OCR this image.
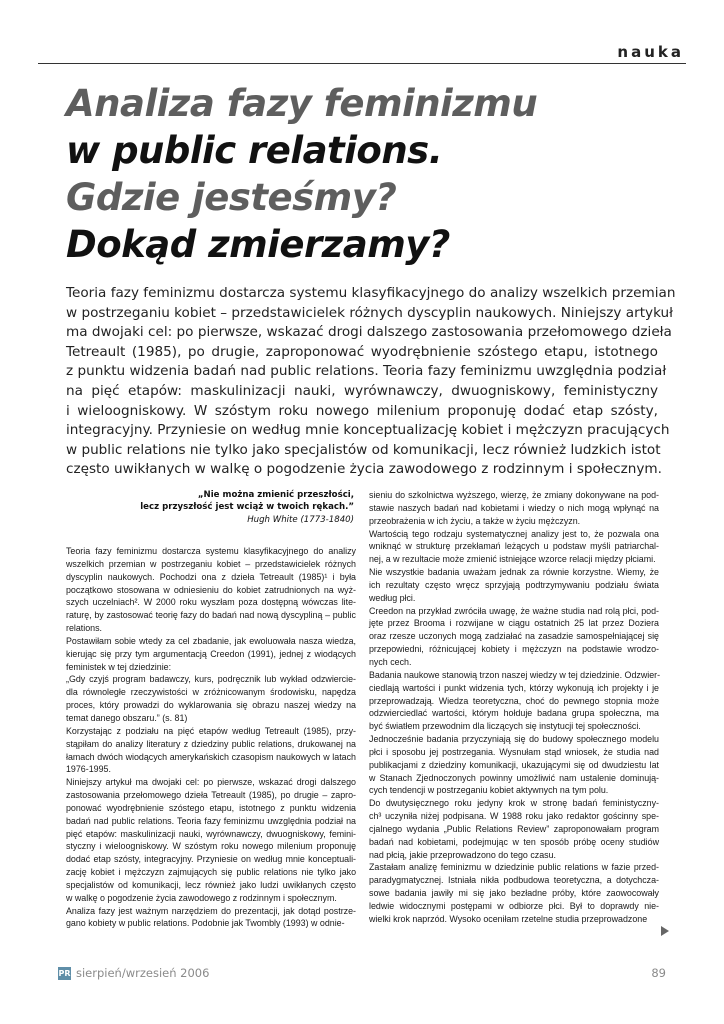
nauka
Analiza fazy feminizmu
w public relations.
Gdzie jesteśmy?
Dokąd zmierzamy?
Teoria fazy feminizmu dostarcza systemu klasyfikacyjnego do analizy wszelkich przemian
w postrzeganiu kobiet – przedstawicielek różnych dyscyplin naukowych. Niniejszy artykuł
ma dwojaki cel: po pierwsze, wskazać drogi dalszego zastosowania przełomowego dzieła
Tetreault (1985), po drugie, zaproponować wyodrębnienie szóstego etapu, istotnego
z punktu widzenia badań nad public relations. Teoria fazy feminizmu uwzględnia podział
na pięć etapów: maskulinizacji nauki, wyrównawczy, dwuogniskowy, feministyczny
i wieloogniskowy. W szóstym roku nowego milenium proponuję dodać etap szósty,
integracyjny. Przyniesie on według mnie konceptualizację kobiet i mężczyzn pracujących
w public relations nie tylko jako specjalistów od komunikacji, lecz również ludzkich istot
często uwikłanych w walkę o pogodzenie życia zawodowego z rodzinnym i społecznym.
„Nie można zmienić przeszłości,
lecz przyszłość jest wciąż w twoich rękach.”
Hugh White (1773-1840)
Teoria fazy feminizmu dostarcza systemu klasyfikacyjnego do analizy
wszelkich przemian w postrzeganiu kobiet – przedstawicielek różnych
dyscyplin naukowych. Pochodzi ona z dzieła Tetreault (1985)¹ i była
początkowo stosowana w odniesieniu do kobiet zatrudnionych na wyż-
szych uczelniach². W 2000 roku wyszłam poza dostępną wówczas lite-
raturę, by zastosować teorię fazy do badań nad nową dyscypliną – public
relations.
Postawiłam sobie wtedy za cel zbadanie, jak ewoluowała nasza wiedza,
kierując się przy tym argumentacją Creedon (1991), jednej z wiodących
feministek w tej dziedzinie:
„Gdy czyjś program badawczy, kurs, podręcznik lub wykład odzwiercie-
dla równoległe rzeczywistości w zróżnicowanym środowisku, napędza
proces, który prowadzi do wyklarowania się obrazu naszej wiedzy na
temat danego obszaru.” (s. 81)
Korzystając z podziału na pięć etapów według Tetreault (1985), przy-
stąpiłam do analizy literatury z dziedziny public relations, drukowanej na
łamach dwóch wiodących amerykańskich czasopism naukowych w latach
1976-1995.
Niniejszy artykuł ma dwojaki cel: po pierwsze, wskazać drogi dalszego
zastosowania przełomowego dzieła Tetreault (1985), po drugie – zapro-
ponować wyodrębnienie szóstego etapu, istotnego z punktu widzenia
badań nad public relations. Teoria fazy feminizmu uwzględnia podział na
pięć etapów: maskulinizacji nauki, wyrównawczy, dwuogniskowy, femini-
styczny i wieloogniskowy. W szóstym roku nowego milenium proponuję
dodać etap szósty, integracyjny. Przyniesie on według mnie konceptuali-
zację kobiet i mężczyzn zajmujących się public relations nie tylko jako
specjalistów od komunikacji, lecz również jako ludzi uwikłanych często
w walkę o pogodzenie życia zawodowego z rodzinnym i społecznym.
Analiza fazy jest ważnym narzędziem do prezentacji, jak dotąd postrze-
gano kobiety w public relations. Podobnie jak Twombly (1993) w odnie-
sieniu do szkolnictwa wyższego, wierzę, że zmiany dokonywane na pod-
stawie naszych badań nad kobietami i wiedzy o nich mogą wpłynąć na
przeobrażenia w ich życiu, a także w życiu mężczyzn.
Wartością tego rodzaju systematycznej analizy jest to, że pozwala ona
wniknąć w strukturę przekłamań leżących u podstaw myśli patriarchal-
nej, a w rezultacie może zmienić istniejące wzorce relacji między płciami.
Nie wszystkie badania uważam jednak za równie korzystne. Wiemy, że
ich rezultaty często wręcz sprzyjają podtrzymywaniu podziału świata
według płci.
Creedon na przykład zwróciła uwagę, że ważne studia nad rolą płci, pod-
jęte przez Brooma i rozwijane w ciągu ostatnich 25 lat przez Doziera
oraz rzesze uczonych mogą zadziałać na zasadzie samospełniającej się
przepowiedni, różnicującej kobiety i mężczyzn na podstawie wrodzo-
nych cech.
Badania naukowe stanowią trzon naszej wiedzy w tej dziedzinie. Odzwier-
ciedlają wartości i punkt widzenia tych, którzy wykonują ich projekty i je
przeprowadzają. Wiedza teoretyczna, choć do pewnego stopnia może
odzwierciedlać wartości, którym hołduje badana grupa społeczna, ma
być światłem przewodnim dla liczących się instytucji tej społeczności.
Jednocześnie badania przyczyniają się do budowy społecznego modelu
płci i sposobu jej postrzegania. Wysnułam stąd wniosek, że studia nad
publikacjami z dziedziny komunikacji, ukazującymi się od dwudziestu lat
w Stanach Zjednoczonych powinny umożliwić nam ustalenie dominują-
cych tendencji w postrzeganiu kobiet aktywnych na tym polu.
Do dwutysięcznego roku jedyny krok w stronę badań feministyczny-
ch³ uczyniła niżej podpisana. W 1988 roku jako redaktor gościnny spe-
cjalnego wydania „Public Relations Review” zaproponowałam program
badań nad kobietami, podejmując w ten sposób próbę oceny studiów
nad płcią, jakie przeprowadzono do tego czasu.
Zastałam analizę feminizmu w dziedzinie public relations w fazie przed-
paradygmatycznej. Istniała nikła podbudowa teoretyczna, a dotychcza-
sowe badania jawiły mi się jako bezładne próby, które zaowocowały
ledwie widocznymi postępami w odbiorze płci. Był to doprawdy nie-
wielki krok naprzód. Wysoko oceniłam rzetelne studia przeprowadzone
PR sierpień/wrzesień 2006	89
